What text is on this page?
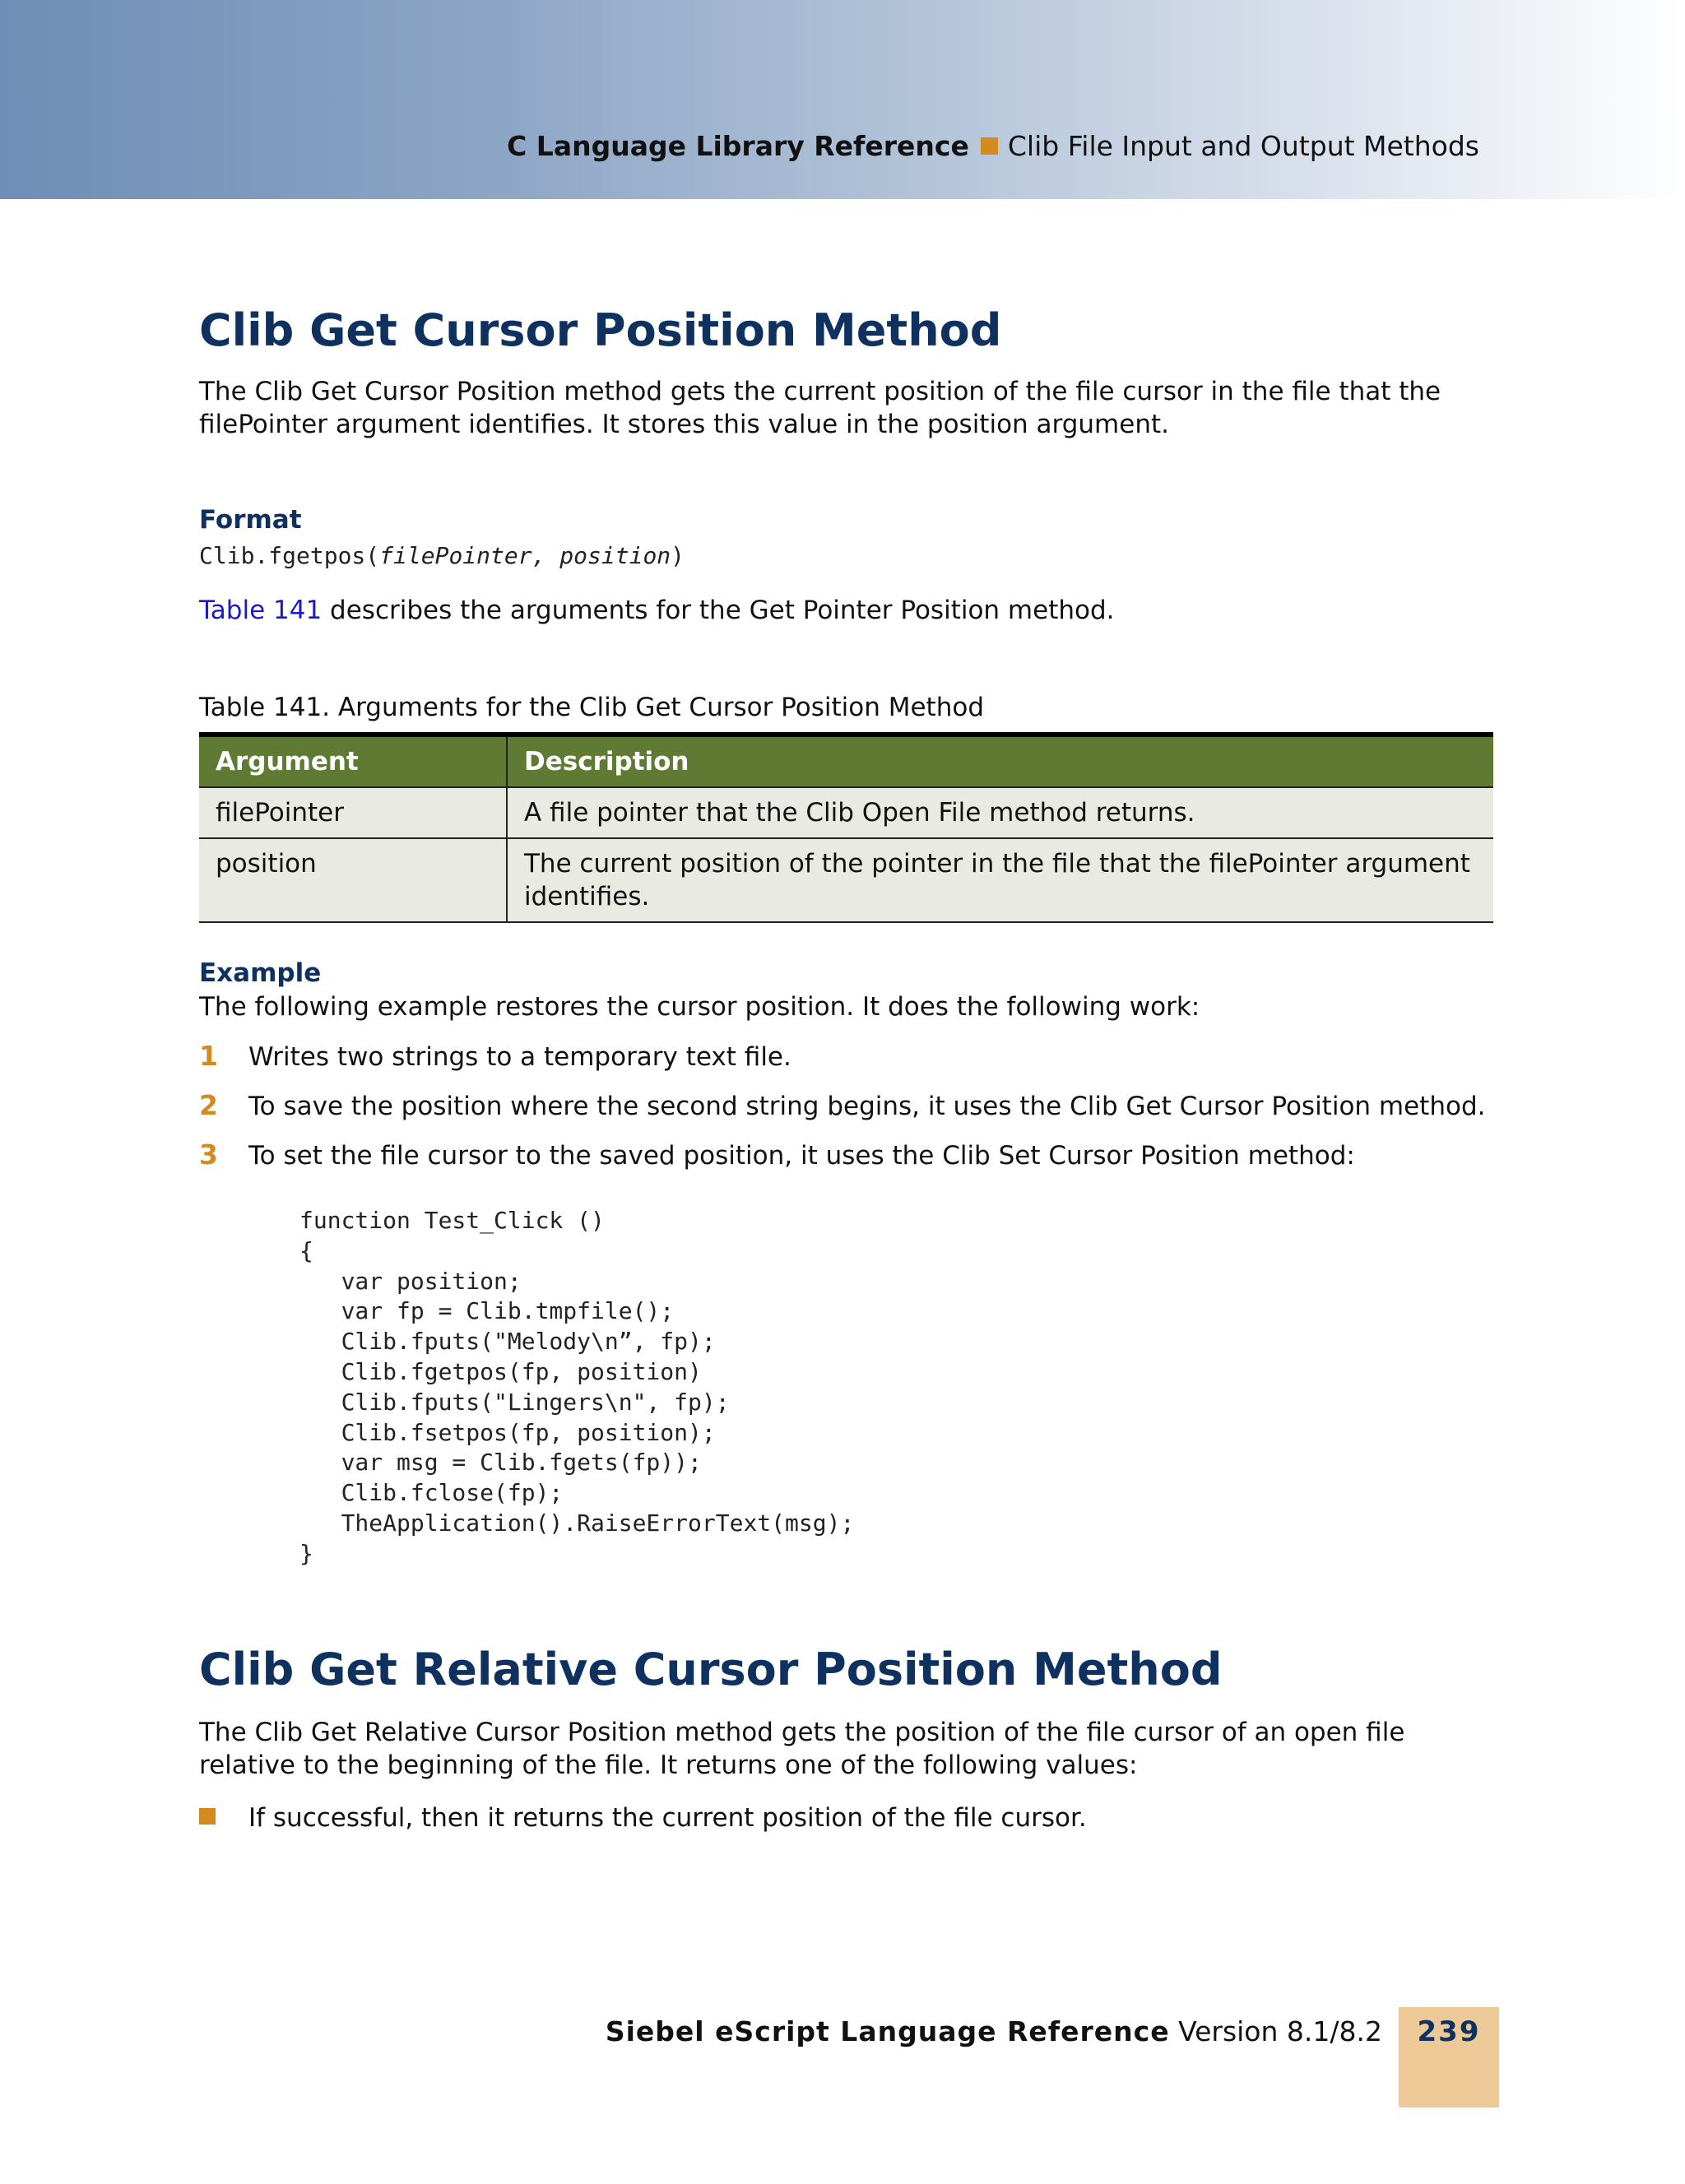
C Language Library Reference Clib File Input and Output Methods
Clib Get Cursor Position Method
The Clib Get Cursor Position method gets the current position of the file cursor in the file that the filePointer argument identifies. It stores this value in the position argument.
Format
Clib.fgetpos(filePointer, position)
Table 141 describes the arguments for the Get Pointer Position method.
Table 141. Arguments for the Clib Get Cursor Position Method
Argument	Description
filePointer	A file pointer that the Clib Open File method returns.
position	The current position of the pointer in the file that the filePointer argument identifies.
Example
The following example restores the cursor position. It does the following work:
1 Writes two strings to a temporary text file.
2 To save the position where the second string begins, it uses the Clib Get Cursor Position method.
3 To set the file cursor to the saved position, it uses the Clib Set Cursor Position method:
function Test_Click ()
{
var position;
var fp = Clib.tmpfile();
Clib.fputs("Melody\n”, fp);
Clib.fgetpos(fp, position)
Clib.fputs("Lingers\n", fp);
Clib.fsetpos(fp, position);
var msg = Clib.fgets(fp));
Clib.fclose(fp);
TheApplication().RaiseErrorText(msg);
}
Clib Get Relative Cursor Position Method
The Clib Get Relative Cursor Position method gets the position of the file cursor of an open file relative to the beginning of the file. It returns one of the following values:
If successful, then it returns the current position of the file cursor.
Siebel eScript Language Reference Version 8.1/8.2	239
